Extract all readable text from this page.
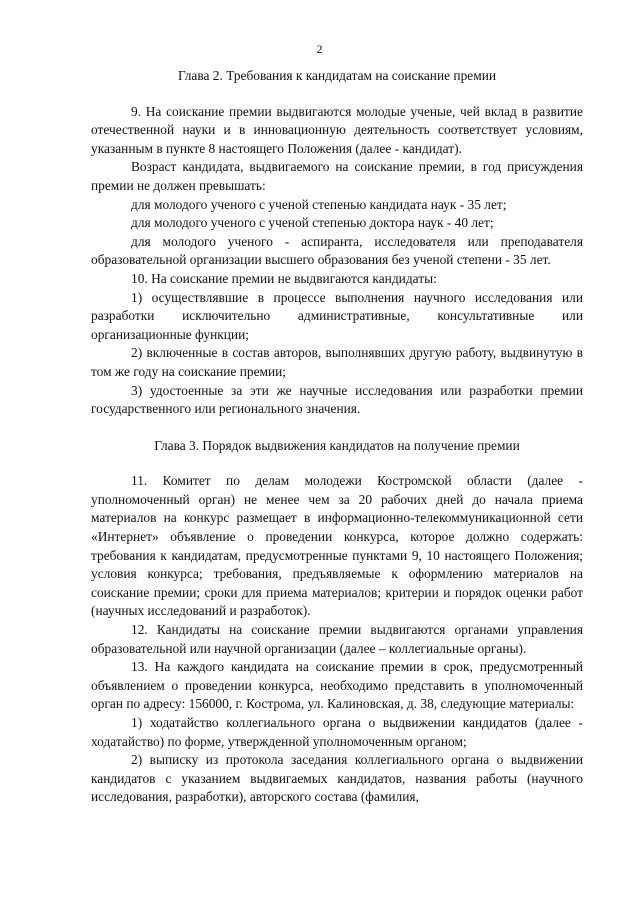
2
Глава 2. Требования к кандидатам на соискание премии

9. На соискание премии выдвигаются молодые ученые, чей вклад в развитие отечественной науки и в инновационную деятельность соответствует условиям, указанным в пункте 8 настоящего Положения (далее - кандидат).

Возраст кандидата, выдвигаемого на соискание премии, в год присуждения премии не должен превышать:

для молодого ученого с ученой степенью кандидата наук - 35 лет;

для молодого ученого с ученой степенью доктора наук - 40 лет;

для молодого ученого - аспиранта, исследователя или преподавателя образовательной организации высшего образования без ученой степени - 35 лет.

10. На соискание премии не выдвигаются кандидаты:

1) осуществлявшие в процессе выполнения научного исследования или разработки исключительно административные, консультативные или организационные функции;

2) включенные в состав авторов, выполнявших другую работу, выдвинутую в том же году на соискание премии;

3) удостоенные за эти же научные исследования или разработки премии государственного или регионального значения.

Глава 3. Порядок выдвижения кандидатов на получение премии

11. Комитет по делам молодежи Костромской области (далее - уполномоченный орган) не менее чем за 20 рабочих дней до начала приема материалов на конкурс размещает в информационно-телекоммуникационной сети «Интернет» объявление о проведении конкурса, которое должно содержать: требования к кандидатам, предусмотренные пунктами 9, 10 настоящего Положения; условия конкурса; требования, предъявляемые к оформлению материалов на соискание премии; сроки для приема материалов; критерии и порядок оценки работ (научных исследований и разработок).

12. Кандидаты на соискание премии выдвигаются органами управления образовательной или научной организации (далее – коллегиальные органы).

13. На каждого кандидата на соискание премии в срок, предусмотренный объявлением о проведении конкурса, необходимо представить в уполномоченный орган по адресу: 156000, г. Кострома, ул. Калиновская, д. 38, следующие материалы:

1) ходатайство коллегиального органа о выдвижении кандидатов (далее - ходатайство) по форме, утвержденной уполномоченным органом;

2) выписку из протокола заседания коллегиального органа о выдвижении кандидатов с указанием выдвигаемых кандидатов, названия работы (научного исследования, разработки), авторского состава (фамилия,
